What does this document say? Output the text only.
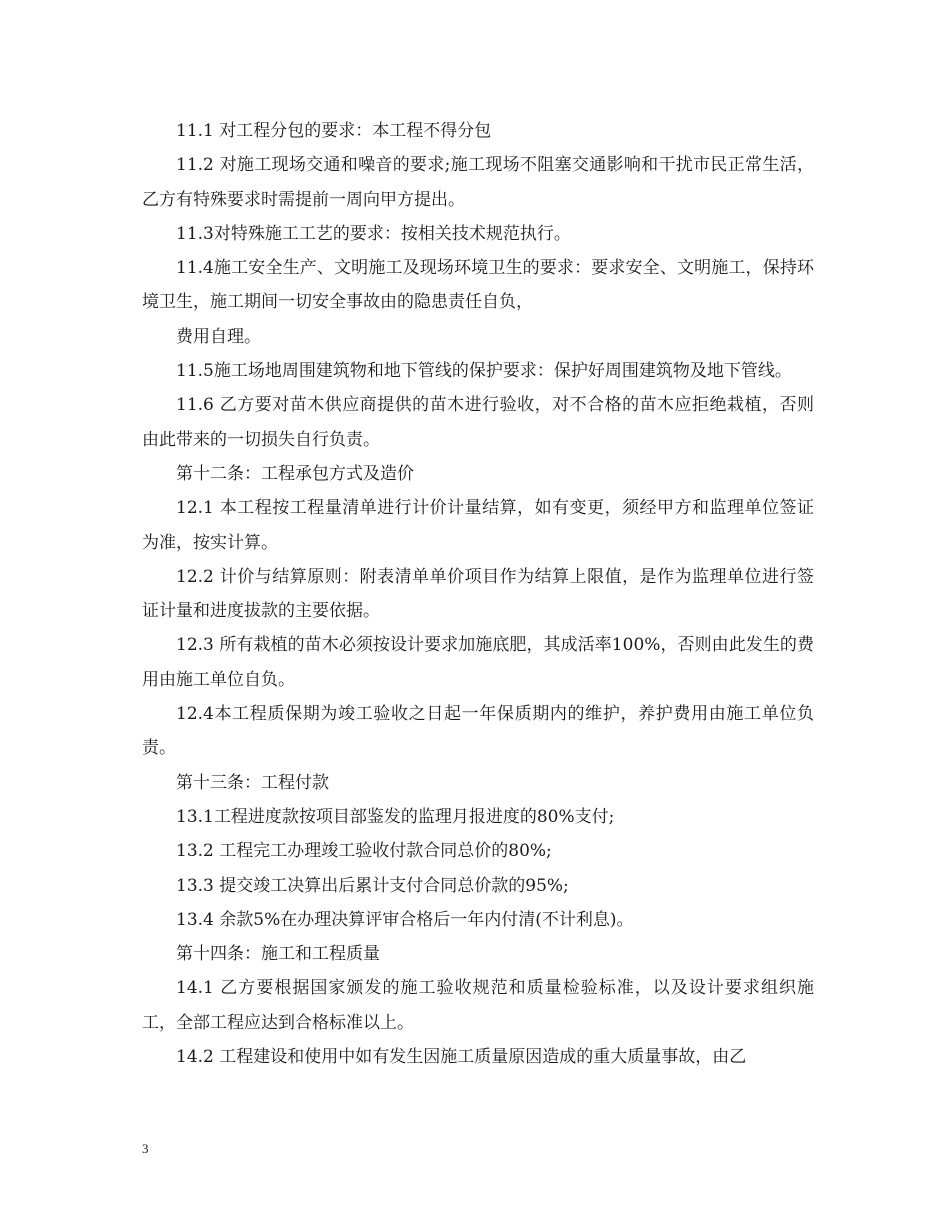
11.1 对工程分包的要求：本工程不得分包

11.2 对施工现场交通和噪音的要求;施工现场不阻塞交通影响和干扰市民正常生活，乙方有特殊要求时需提前一周向甲方提出。

11.3对特殊施工工艺的要求：按相关技术规范执行。

11.4施工安全生产、文明施工及现场环境卫生的要求：要求安全、文明施工，保持环境卫生，施工期间一切安全事故由的隐患责任自负，

费用自理。

11.5施工场地周围建筑物和地下管线的保护要求：保护好周围建筑物及地下管线。

11.6 乙方要对苗木供应商提供的苗木进行验收，对不合格的苗木应拒绝栽植，否则由此带来的一切损失自行负责。

第十二条：工程承包方式及造价

12.1 本工程按工程量清单进行计价计量结算，如有变更，须经甲方和监理单位签证为准，按实计算。

12.2 计价与结算原则：附表清单单价项目作为结算上限值，是作为监理单位进行签证计量和进度拔款的主要依据。

12.3 所有栽植的苗木必须按设计要求加施底肥，其成活率100%，否则由此发生的费用由施工单位自负。

12.4本工程质保期为竣工验收之日起一年保质期内的维护，养护费用由施工单位负责。

第十三条：工程付款

13.1工程进度款按项目部鉴发的监理月报进度的80%支付;

13.2 工程完工办理竣工验收付款合同总价的80%;

13.3 提交竣工决算出后累计支付合同总价款的95%;

13.4 余款5%在办理决算评审合格后一年内付清(不计利息)。

第十四条：施工和工程质量

14.1 乙方要根据国家颁发的施工验收规范和质量检验标准，以及设计要求组织施工，全部工程应达到合格标准以上。

14.2 工程建设和使用中如有发生因施工质量原因造成的重大质量事故，由乙

3
